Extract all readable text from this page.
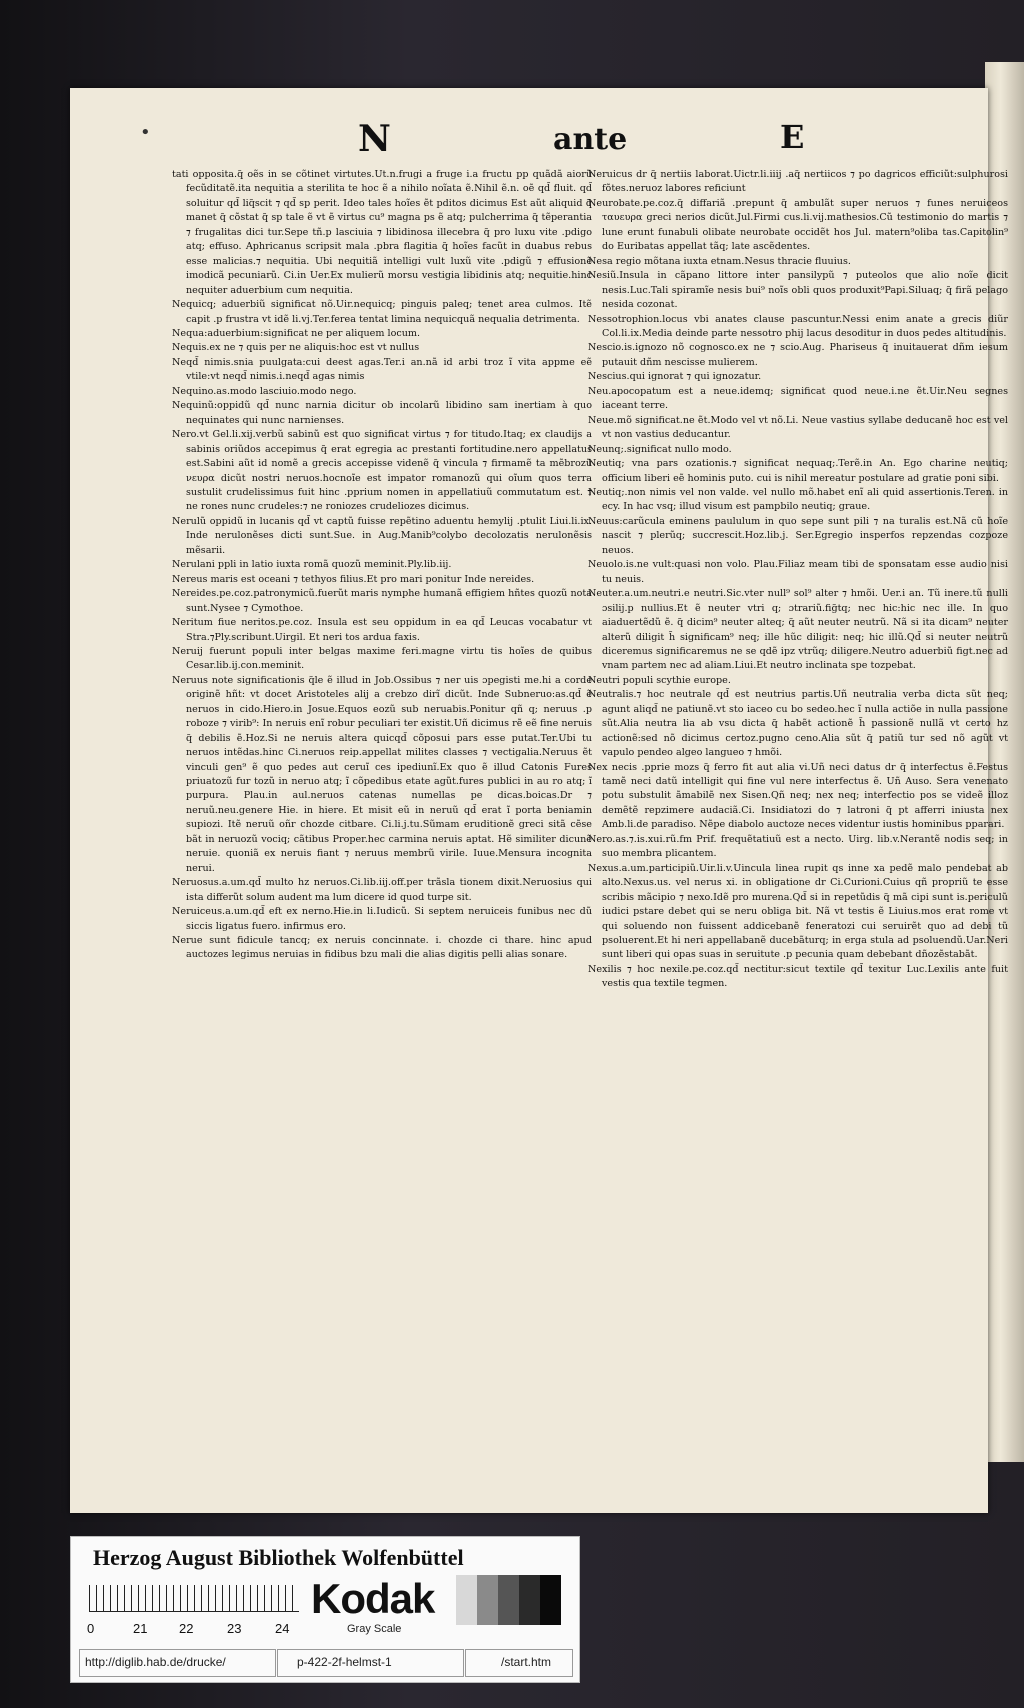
•	N	ante	E

tati opposita.q̃ oẽs in se cõtinet virtutes.Ut.n.frugi a fruge i.a fructu pp quãdã aiorũ fecũditatẽ.ita nequitia a sterilita te hoc ẽ a nihilo noĩata ẽ.Nihil ẽ.n. oẽ qd̃ fluit. qd̃ soluitur qd̃ liq̃scit ⁊ qd̃ sp perit. Ideo tales hoĩes ẽt pditos dicimus Est aũt aliquid q̃ manet q̃ cõstat q̃ sp tale ẽ vt ẽ virtus cu⁹ magna ps ẽ atq; pulcherrima q̃ tẽperantia ⁊ frugalitas dici tur.Sepe tñ.p lasciuia ⁊ libidinosa illecebra q̃ pro luxu vite .pdigo atq; effuso. Aphricanus scripsit mala .pbra flagitia q̃ hoĩes facũt in duabus rebus esse malicias.⁊ nequitia. Ubi nequitiã intelligi vult luxũ vite .pdigũ ⁊ effusionẽ imodicã pecuniarũ. Ci.in Uer.Ex mulierũ morsu vestigia libidinis atq; nequitie.hinc nequiter aduerbium cum nequitia.

Nequicq; aduerbiũ significat nõ.Uir.nequicq; pinguis paleq; tenet area culmos. Itẽ capit .p frustra vt idẽ li.vj.Ter.ferea tentat limina nequicquã nequalia detrimenta.

Nequa:aduerbium:significat ne per aliquem locum.

Nequis.ex ne ⁊ quis per ne aliquis:hoc est vt nullus

Neqd̃ nimis.snia puulgata:cui deest agas.Ter.i an.nã id arbi troz ĩ vita appme eẽ vtile:vt neqd̃ nimis.i.neqd̃ agas nimis

Nequino.as.modo lasciuio.modo nego.

Nequinũ:oppidũ qd̃ nunc narnia dicitur ob incolarũ libidino sam inertiam à quo nequinates qui nunc narnienses.

Nero.vt Gel.li.xij.verbũ sabinũ est quo significat virtus ⁊ for titudo.Itaq; ex claudijs a sabinis oriũdos accepimus q̃ erat egregia ac prestanti fortitudine.nero appellatus est.Sabini aũt id nomẽ a grecis accepisse videnẽ q̃ vincula ⁊ firmamẽ ta mẽbrozũ νευρα dicũt nostri neruos.hocnoĩe est impator romanozũ qui oĩum quos terra sustulit crudelissimus fuit hinc .pprium nomen in appellatiuũ commutatum est. ⁊ ne rones nunc crudeles:⁊ ne roniozes crudeliozes dicimus.

Nerulũ oppidũ in lucanis qd̃ vt captũ fuisse repẽtino aduentu hemylij .ptulit Liui.li.ix. Inde nerulonẽses dicti sunt.Sue. in Aug.Manib⁹colybo decolozatis nerulonẽsis mẽsarii.

Nerulani ppli in latio iuxta romã quozũ meminit.Ply.lib.iij.

Nereus maris est oceani ⁊ tethyos filius.Et pro mari ponitur Inde nereides.

Nereides.pe.coz.patronymicũ.fuerũt maris nymphe humanã effigiem hñtes quozũ nota sunt.Nysee ⁊ Cymothoe.

Neritum fiue neritos.pe.coz. Insula est seu oppidum in ea qd̃ Leucas vocabatur vt Stra.⁊Ply.scribunt.Uirgil. Et neri tos ardua faxis.

Neruij fuerunt populi inter belgas maxime feri.magne virtu tis hoĩes de quibus Cesar.lib.ij.con.meminit.

Neruus note significationis q̃le ẽ illud in Job.Ossibus ⁊ ner uis ɔpegisti me.hi a corde originẽ hñt: vt docet Aristoteles alij a crebzo dirĩ dicũt. Inde Subneruo:as.qd̃ ẽ neruos in cido.Hiero.in Josue.Equos eozũ sub neruabis.Ponitur qñ q; neruus .p roboze ⁊ virib⁹: In neruis enĩ robur peculiari ter existit.Uñ dicimus rẽ eẽ fine neruis q̃ debilis ẽ.Hoz.Si ne neruis altera quicqd̃ cõposui pars esse putat.Ter.Ubi tu neruos intẽdas.hinc Ci.neruos reip.appellat milites classes ⁊ vectigalia.Neruus ẽt vinculi gen⁹ ẽ quo pedes aut ceruĩ ces ipediunĩ.Ex quo ẽ illud Catonis Fures priuatozũ fur tozũ in neruo atq; ĩ cõpedibus etate agũt.fures publici in au ro atq; ĩ purpura. Plau.in aul.neruos catenas numellas pe dicas.boicas.Dr ⁊ neruũ.neu.genere Hie. in hiere. Et misit eũ in neruũ qd̃ erat ĩ porta beniamin supiozi. Itẽ neruũ oñr chozde citbare. Ci.li.j.tu.Sũmam eruditionẽ greci sitã cẽse bãt in neruozũ vociq; cãtibus Proper.hec carmina neruis aptat. Hẽ similiter dicunẽ neruie. quoniã ex neruis fiant ⁊ neruus membrũ virile. Iuue.Mensura incognita nerui.

Neruosus.a.um.qd̃ multo hz neruos.Ci.lib.iij.off.per trãsla tionem dixit.Neruosius qui ista differũt solum audent ma lum dicere id quod turpe sit.

Neruiceus.a.um.qd̃ eft ex nerno.Hie.in li.Iudicũ. Si septem neruiceis funibus nec dũ siccis ligatus fuero. infirmus ero.

Nerue sunt fidicule tancq; ex neruis concinnate. i. chozde ci thare. hinc apud auctozes legimus neruias in fidibus bzu mali die alias digitis pelli alias sonare.

Neruicus dr q̃ nertiis laborat.Uictr.li.iiij .aq̃ nertiicos ⁊ po dagricos efficiũt:sulphurosi fõtes.neruoz labores reficiunt

Neurobate.pe.coz.q̃ diffariã .prepunt q̃ ambulãt super neruos ⁊ funes neruiceos ταυευρα greci nerios dicũt.Jul.Firmi cus.li.vij.mathesios.Cũ testimonio do martis ⁊ lune erunt funabuli olibate neurobate occidẽt hos Jul. matern⁹oliba tas.Capitolin⁹ do Euribatas appellat tãq; late ascẽdentes.

Nesa regio mõtana iuxta etnam.Nesus thracie fluuius.

Nesiũ.Insula in cãpano littore inter pansilypũ ⁊ puteolos que alio noĩe dicit nesis.Luc.Tali spiramĩe nesis bui⁹ noĩs obli quos produxit⁹Papi.Siluaq; q̃ firã pelago nesida cozonat.

Nessotrophion.locus vbi anates clause pascuntur.Nessi enim anate a grecis diũr Col.li.ix.Media deinde parte nessotro phij lacus desoditur in duos pedes altitudinis.

Nescio.is.ignozo nõ cognosco.ex ne ⁊ scio.Aug. Phariseus q̃ inuitauerat dñm iesum putauit dñm nescisse mulierem.

Nescius.qui ignorat ⁊ qui ignozatur.

Neu.apocopatum est a neue.idemq; significat quod neue.i.ne ẽt.Uir.Neu segnes iaceant terre.

Neue.mõ significat.ne ẽt.Modo vel vt nõ.Li. Neue vastius syllabe deducanẽ hoc est vel vt non vastius deducantur.

Neunq;.significat nullo modo.

Neutiq; vna pars ozationis.⁊ significat nequaq;.Terẽ.in An. Ego charine neutiq; officium liberi eẽ hominis puto. cui is nihil mereatur postulare ad gratie poni sibi.

Neutiq;.non nimis vel non valde. vel nullo mõ.habet enĩ ali quid assertionis.Teren. in ecy. In hac vsq; illud visum est pampbilo neutiq; graue.

Neuus:carũcula eminens paululum in quo sepe sunt pili ⁊ na turalis est.Nã cũ hoĩe nascit ⁊ plerũq; succrescit.Hoz.lib.j. Ser.Egregio insperfos repzendas cozpoze neuos.

Neuolo.is.ne vult:quasi non volo. Plau.Filiaz meam tibi de sponsatam esse audio nisi tu neuis.

Neuter.a.um.neutri.e neutri.Sic.vter null⁹ sol⁹ alter ⁊ hmõi. Uer.i an. Tũ inere.tũ nulli ɔsilij.p nullius.Et ẽ neuter vtri q; ɔtrariũ.fig̃tq; nec hic:hic nec ille. In quo aiaduertẽdũ ẽ. q̃ dicim⁹ neuter alteq; q̃ aũt neuter neutrũ. Nã si ita dicam⁹ neuter alterũ diligit h̃ significam⁹ neq; ille hũc diligit: neq; hic illũ.Qd̃ si neuter neutrũ diceremus significaremus ne se qdẽ ipz vtrũq; diligere.Neutro aduerbiũ figt.nec ad vnam partem nec ad aliam.Liui.Et neutro inclinata spe tozpebat.

Neutri populi scythie europe.

Neutralis.⁊ hoc neutrale qd̃ est neutrius partis.Uñ neutralia verba dicta sũt neq; agunt aliqd̃ ne patiunẽ.vt sto iaceo cu bo sedeo.hec ĩ nulla actiõe in nulla passione sũt.Alia neutra lia ab vsu dicta q̃ habẽt actionẽ h̃ passionẽ nullã vt certo hz actionẽ:sed nõ dicimus certoz.pugno ceno.Alia sũt q̃ patiũ tur sed nõ agũt vt vapulo pendeo algeo langueo ⁊ hmõi.

Nex necis .pprie mozs q̃ ferro fit aut alia vi.Uñ neci datus dr q̃ interfectus ẽ.Festus tamẽ neci datũ intelligit qui fine vul nere interfectus ẽ. Uñ Auso. Sera venenato potu substulit ãmabilẽ nex Sisen.Qñ neq; nex neq; interfectio pos se videẽ illoz demẽtẽ repzimere audaciã.Ci. Insidiatozi do ⁊ latroni q̃ pt afferri iniusta nex Amb.li.de paradiso. Nẽpe diabolo auctoze neces videntur iustis hominibus pparari.

Nero.as.⁊.is.xui.rũ.fm Prif. frequẽtatiuũ est a necto. Uirg. lib.v.Nerantẽ nodis seq; in suo membra plicantem.

Nexus.a.um.participiũ.Uir.li.v.Uincula linea rupit qs inne xa pedẽ malo pendebat ab alto.Nexus.us. vel nerus xi. in obligatione dr Ci.Curioni.Cuius qñ propriũ te esse scribis mãcipio ⁊ nexo.Idẽ pro murena.Qd̃ si in repetũdis q̃ mã cipi sunt is.periculũ iudici pstare debet qui se neru obliga bit. Nã vt testis ẽ Liuius.mos erat rome vt qui soluendo non fuissent addicebanẽ feneratozi cui seruirẽt quo ad debi tũ psoluerent.Et hi neri appellabanẽ ducebãturq; in erga stula ad psoluendũ.Uar.Neri sunt liberi qui opas suas in seruitute .p pecunia quam debebant dñozẽstabãt.

Nexilis ⁊ hoc nexile.pe.coz.qd̃ nectitur:sicut textile qd̃ texitur Luc.Lexilis ante fuit vestis qua textile tegmen.

Herzog August Bibliothek Wolfenbüttel
0	21 22	23	24
Kodak
Gray Scale
http://diglib.hab.de/drucke/	p-422-2f-helmst-1	/start.htm
